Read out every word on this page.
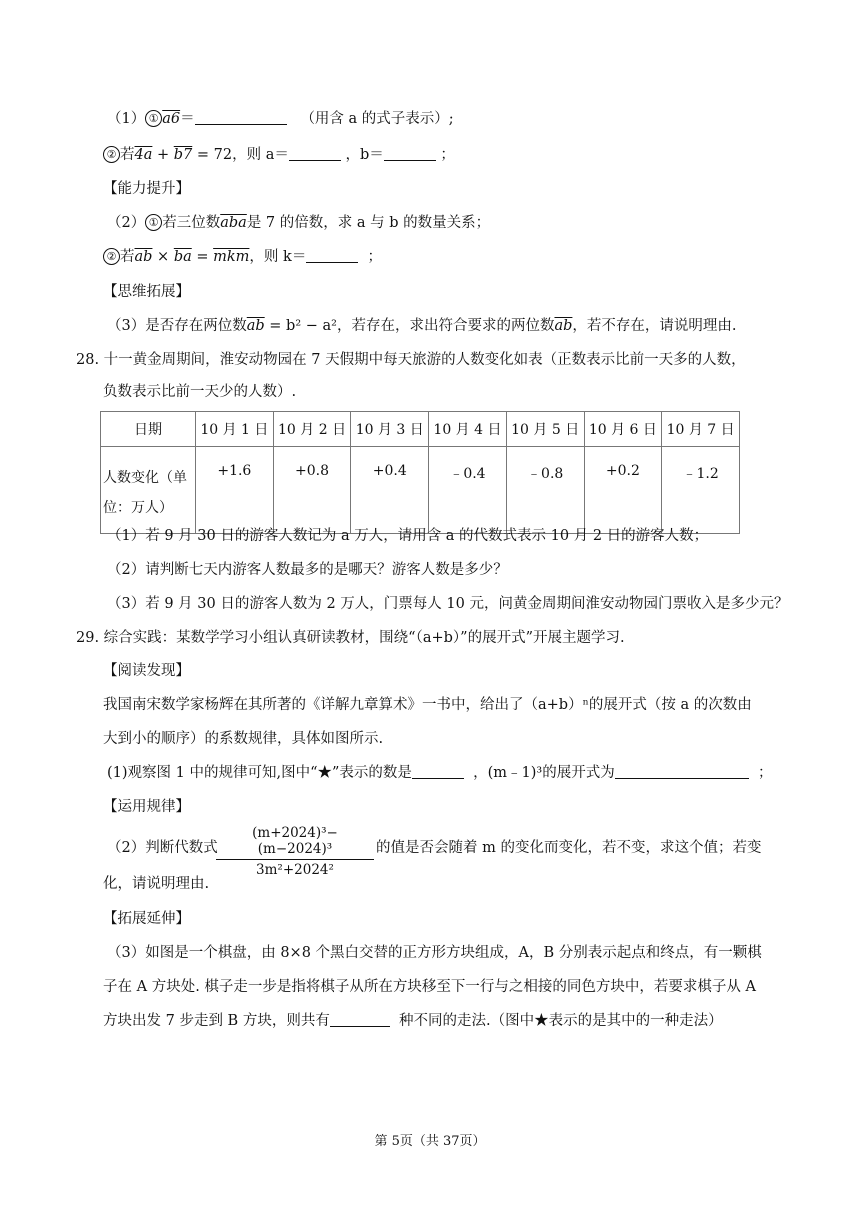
（1） ① a6＝	（用含 a 的式子表示）;
② 若4a + b7 = 72，则 a＝	，b＝	；
【能力提升】
（2） ① 若三位数$\overline{aba}$是 7 的倍数，求 a 与 b 的数量关系；
② 若$\overline{ab} \times \overline{ba} = \overline{mkm}$，则 k＝	；
【思维拓展】
（3）是否存在两位数$\overline{ab} = b^2 - a^2$，若存在，求出符合要求的两位数$\overline{ab}$，若不存在，请说明理由.
28. 十一黄金周期间，淮安动物园在 7 天假期中每天旅游的人数变化如表（正数表示比前一天多的人数，
负数表示比前一天少的人数）.
日期	10 月 1 日	10 月 2 日	10 月 3 日	10 月 4 日	10 月 5 日	10 月 6 日	10 月 7 日
人数变化（单位：万人）	+1.6	+0.8	+0.4	﹣0.4	﹣0.8	+0.2	﹣1.2
（1）若 9 月 30 日的游客人数记为 a 万人，请用含 a 的代数式表示 10 月 2 日的游客人数；
（2）请判断七天内游客人数最多的是哪天？游客人数是多少？
（3）若 9 月 30 日的游客人数为 2 万人，门票每人 10 元，问黄金周期间淮安动物园门票收入是多少元？
29. 综合实践：某数学学习小组认真研读教材，围绕“（a+b）”的展开式”开展主题学习.
【阅读发现】
我国南宋数学家杨辉在其所著的《详解九章算术》一书中，给出了（a+b）ⁿ的展开式（按 a 的次数由
大到小的顺序）的系数规律，具体如图所示.
(1)观察图 1 中的规律可知,图中“★”表示的数是	，(m﹣1)³的展开式为	；
【运用规律】
（2）判断代数式
$\frac{\text{(m+2024)³−(m−2024)³}}{\text{3m²+2024²}}$ 的值是否会随着 m 的变化而变化，若不变，求这个值；若变
化，请说明理由.
【拓展延伸】
（3）如图是一个棋盘，由 8×8 个黑白交替的正方形方块组成，A，B 分别表示起点和终点，有一颗棋
子在 A 方块处. 棋子走一步是指将棋子从所在方块移至下一行与之相接的同色方块中，若要求棋子从 A
方块出发 7 步走到 B 方块，则共有	种不同的走法.（图中★表示的是其中的一种走法）
第 5页（共 37页）
